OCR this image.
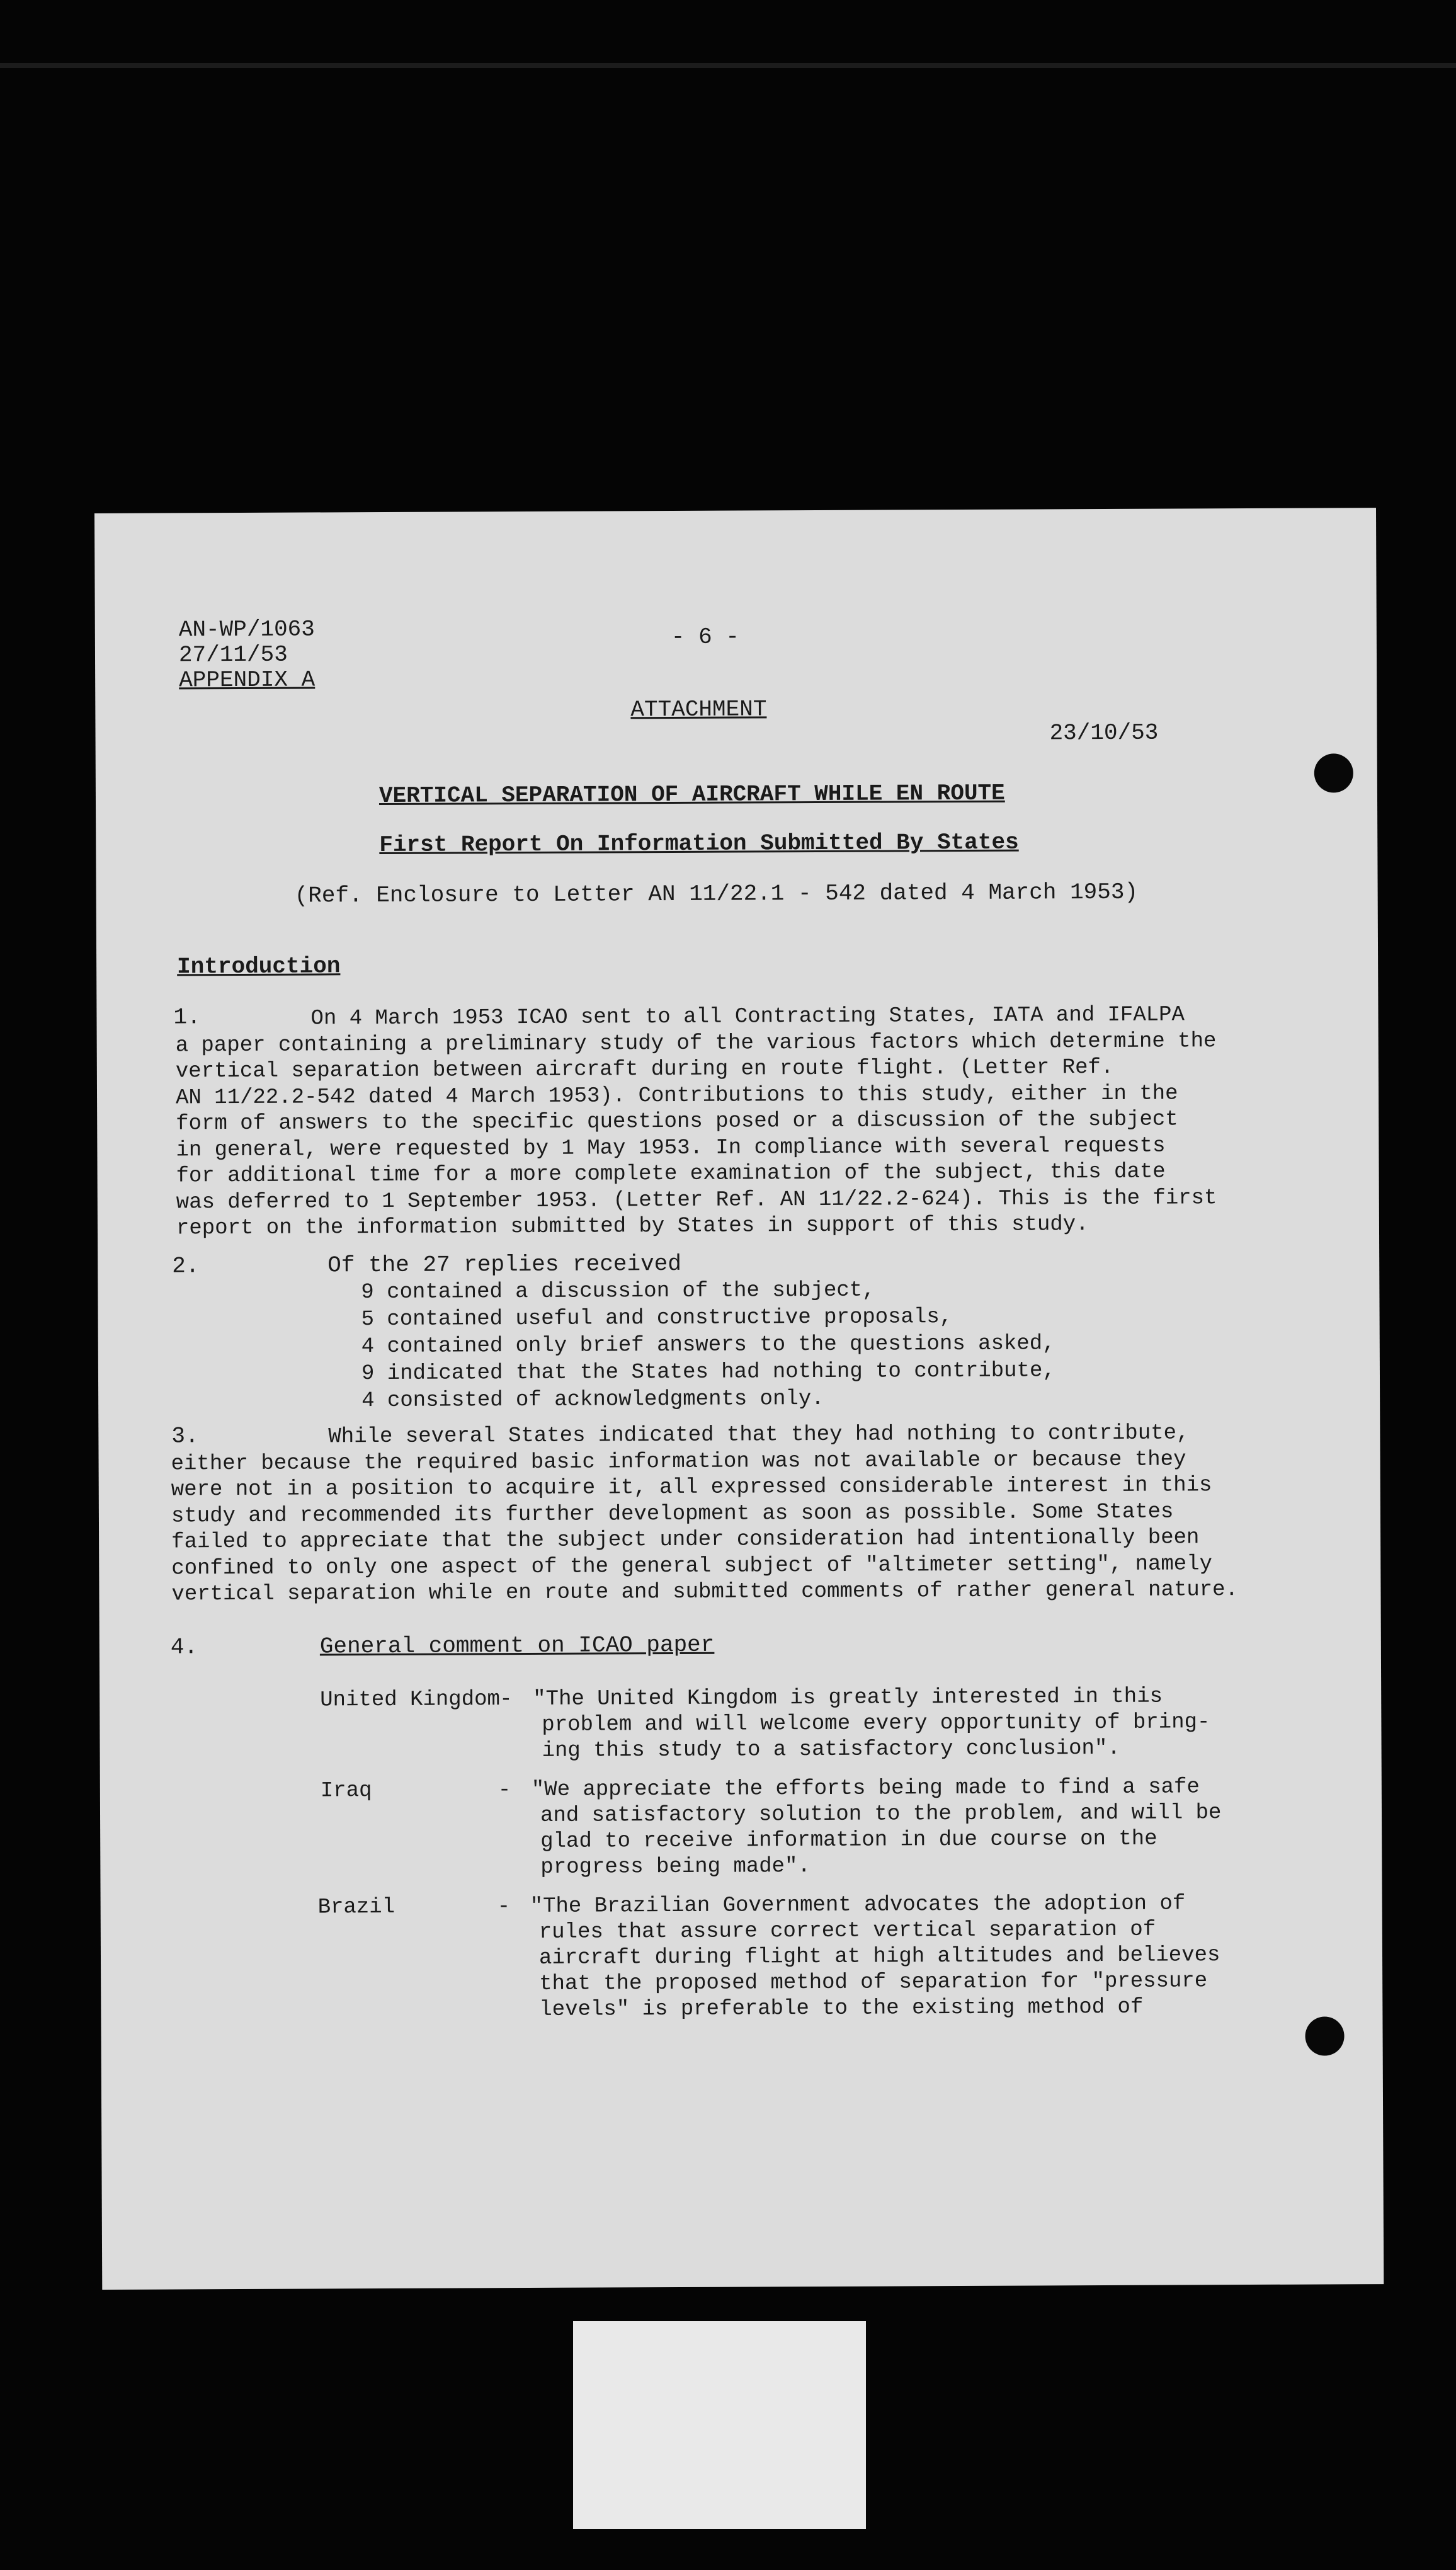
AN-WP/1063
27/11/53
APPENDIX A
- 6 -
ATTACHMENT
23/10/53
VERTICAL SEPARATION OF AIRCRAFT WHILE EN ROUTE
First Report On Information Submitted By States
(Ref. Enclosure to Letter AN 11/22.1 - 542 dated 4 March 1953)
Introduction
1.	On 4 March 1953 ICAO sent to all Contracting States, IATA and IFALPA
a paper containing a preliminary study of the various factors which determine the
vertical separation between aircraft during en route flight. (Letter Ref.
AN 11/22.2-542 dated 4 March 1953). Contributions to this study, either in the
form of answers to the specific questions posed or a discussion of the subject
in general, were requested by 1 May 1953. In compliance with several requests
for additional time for a more complete examination of the subject, this date
was deferred to 1 September 1953. (Letter Ref. AN 11/22.2-624). This is the first
report on the information submitted by States in support of this study.
2.	Of the 27 replies received
9 contained a discussion of the subject,
5 contained useful and constructive proposals,
4 contained only brief answers to the questions asked,
9 indicated that the States had nothing to contribute,
4 consisted of acknowledgments only.
3.	While several States indicated that they had nothing to contribute,
either because the required basic information was not available or because they
were not in a position to acquire it, all expressed considerable interest in this
study and recommended its further development as soon as possible. Some States
failed to appreciate that the subject under consideration had intentionally been
confined to only one aspect of the general subject of "altimeter setting", namely
vertical separation while en route and submitted comments of rather general nature.
4.	General comment on ICAO paper
United Kingdom - "The United Kingdom is greatly interested in this
problem and will welcome every opportunity of bring-
ing this study to a satisfactory conclusion".
Iraq	- "We appreciate the efforts being made to find a safe
and satisfactory solution to the problem, and will be
glad to receive information in due course on the
progress being made".
Brazil	- "The Brazilian Government advocates the adoption of
rules that assure correct vertical separation of
aircraft during flight at high altitudes and believes
that the proposed method of separation for "pressure
levels" is preferable to the existing method of
